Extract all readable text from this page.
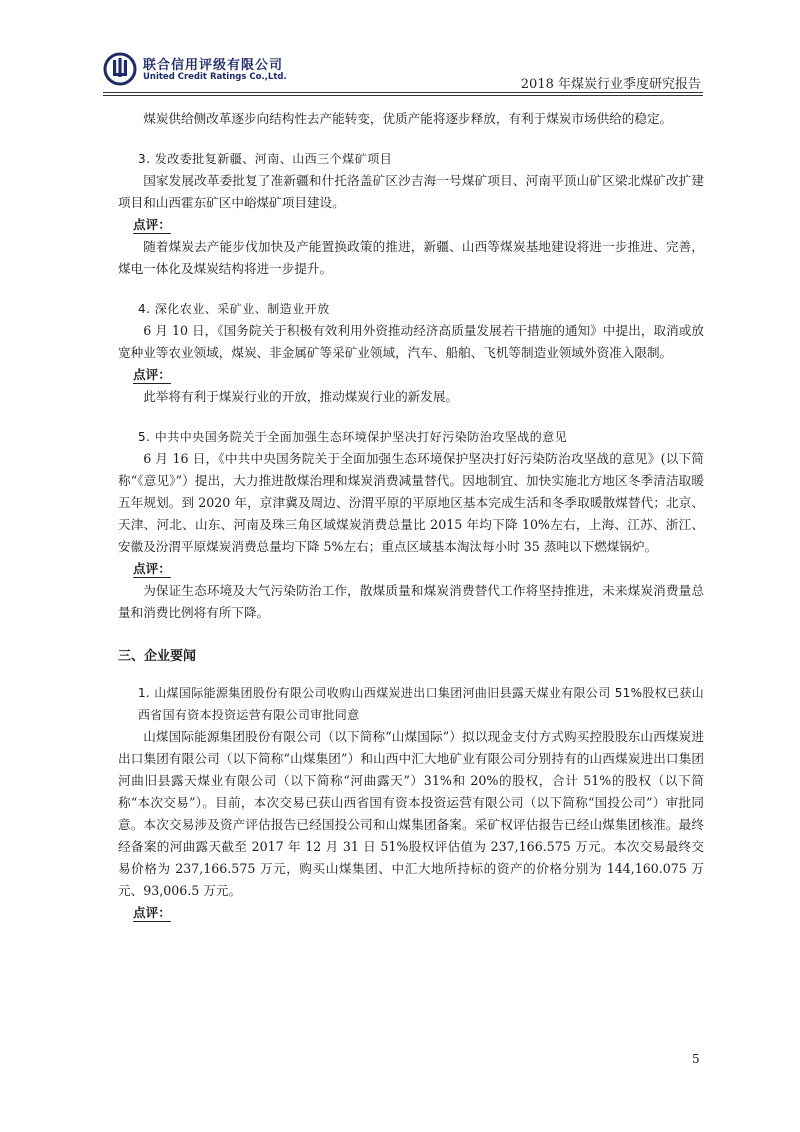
联合信用评级有限公司
United Credit Ratings Co.,Ltd.	2018 年煤炭行业季度研究报告

煤炭供给侧改革逐步向结构性去产能转变，优质产能将逐步释放，有利于煤炭市场供给的稳定。

3. 发改委批复新疆、河南、山西三个煤矿项目

国家发展改革委批复了准新疆和什托洛盖矿区沙吉海一号煤矿项目、河南平顶山矿区梁北煤矿改扩建项目和山西霍东矿区中峪煤矿项目建设。

点评：

随着煤炭去产能步伐加快及产能置换政策的推进，新疆、山西等煤炭基地建设将进一步推进、完善，煤电一体化及煤炭结构将进一步提升。

4. 深化农业、采矿业、制造业开放

6 月 10 日，《国务院关于积极有效利用外资推动经济高质量发展若干措施的通知》中提出，取消或放宽种业等农业领域，煤炭、非金属矿等采矿业领域，汽车、船舶、飞机等制造业领域外资准入限制。

点评：

此举将有利于煤炭行业的开放，推动煤炭行业的新发展。

5. 中共中央国务院关于全面加强生态环境保护坚决打好污染防治攻坚战的意见

6 月 16 日，《中共中央国务院关于全面加强生态环境保护坚决打好污染防治攻坚战的意见》(以下简称“《意见》”）提出，大力推进散煤治理和煤炭消费减量替代。因地制宜、加快实施北方地区冬季清洁取暖五年规划。到 2020 年，京津冀及周边、汾渭平原的平原地区基本完成生活和冬季取暖散煤替代；北京、天津、河北、山东、河南及珠三角区域煤炭消费总量比 2015 年均下降 10%左右，上海、江苏、浙江、安徽及汾渭平原煤炭消费总量均下降 5%左右；重点区域基本淘汰每小时 35 蒸吨以下燃煤锅炉。

点评：

为保证生态环境及大气污染防治工作，散煤质量和煤炭消费替代工作将坚持推进，未来煤炭消费量总量和消费比例将有所下降。

三、企业要闻

1. 山煤国际能源集团股份有限公司收购山西煤炭进出口集团河曲旧县露天煤业有限公司 51%股权已获山西省国有资本投资运营有限公司审批同意

山煤国际能源集团股份有限公司（以下简称“山煤国际”）拟以现金支付方式购买控股股东山西煤炭进出口集团有限公司（以下简称“山煤集团”）和山西中汇大地矿业有限公司分别持有的山西煤炭进出口集团河曲旧县露天煤业有限公司（以下简称“河曲露天”）31%和 20%的股权，合计 51%的股权（以下简称“本次交易”）。目前，本次交易已获山西省国有资本投资运营有限公司（以下简称“国投公司”）审批同意。本次交易涉及资产评估报告已经国投公司和山煤集团备案。采矿权评估报告已经山煤集团核准。最终经备案的河曲露天截至 2017 年 12 月 31 日 51%股权评估值为 237,166.575 万元。本次交易最终交易价格为 237,166.575 万元，购买山煤集团、中汇大地所持标的资产的价格分别为 144,160.075 万元、93,006.5 万元。

点评：

5
